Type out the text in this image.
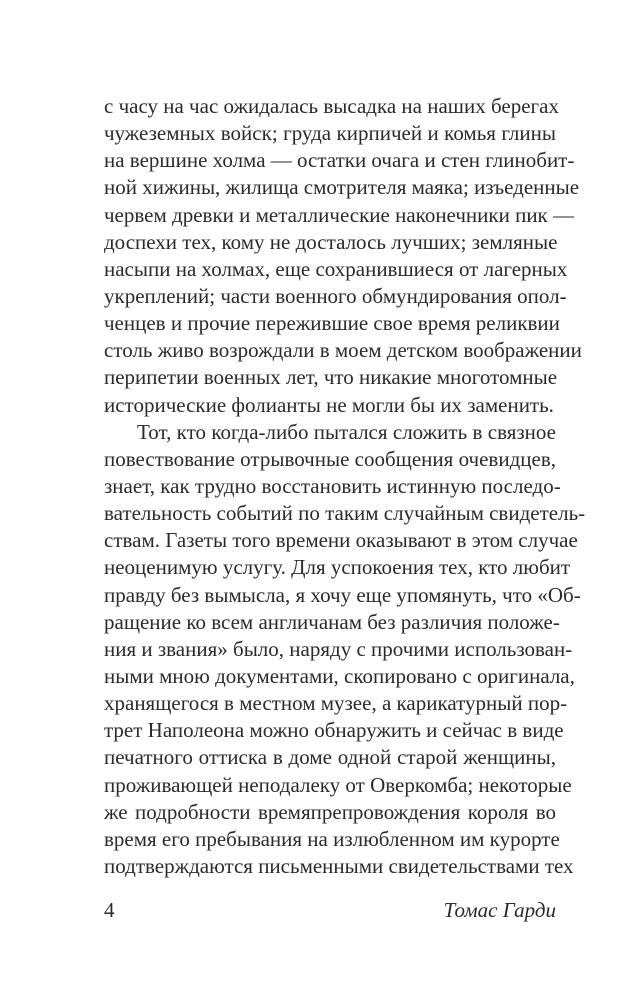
с часу на час ожидалась высадка на наших берегах
чужеземных войск; груда кирпичей и комья глины
на вершине холма — остатки очага и стен глинобит-
ной хижины, жилища смотрителя маяка; изъеденные
червем древки и металлические наконечники пик —
доспехи тех, кому не досталось лучших; земляные
насыпи на холмах, еще сохранившиеся от лагерных
укреплений; части военного обмундирования опол-
ченцев и прочие пережившие свое время реликвии
столь живо возрождали в моем детском воображении
перипетии военных лет, что никакие многотомные
исторические фолианты не могли бы их заменить.
Тот, кто когда-либо пытался сложить в связное
повествование отрывочные сообщения очевидцев,
знает, как трудно восстановить истинную последо-
вательность событий по таким случайным свидетель-
ствам. Газеты того времени оказывают в этом случае
неоценимую услугу. Для успокоения тех, кто любит
правду без вымысла, я хочу еще упомянуть, что «Об-
ращение ко всем англичанам без различия положе-
ния и звания» было, наряду с прочими использован-
ными мною документами, скопировано с оригинала,
хранящегося в местном музее, а карикатурный пор-
трет Наполеона можно обнаружить и сейчас в виде
печатного оттиска в доме одной старой женщины,
проживающей неподалеку от Оверкомба; некоторые
же подробности времяпрепровождения короля во
время его пребывания на излюбленном им курорте
подтверждаются письменными свидетельствами тех
4	Томас Гарди
